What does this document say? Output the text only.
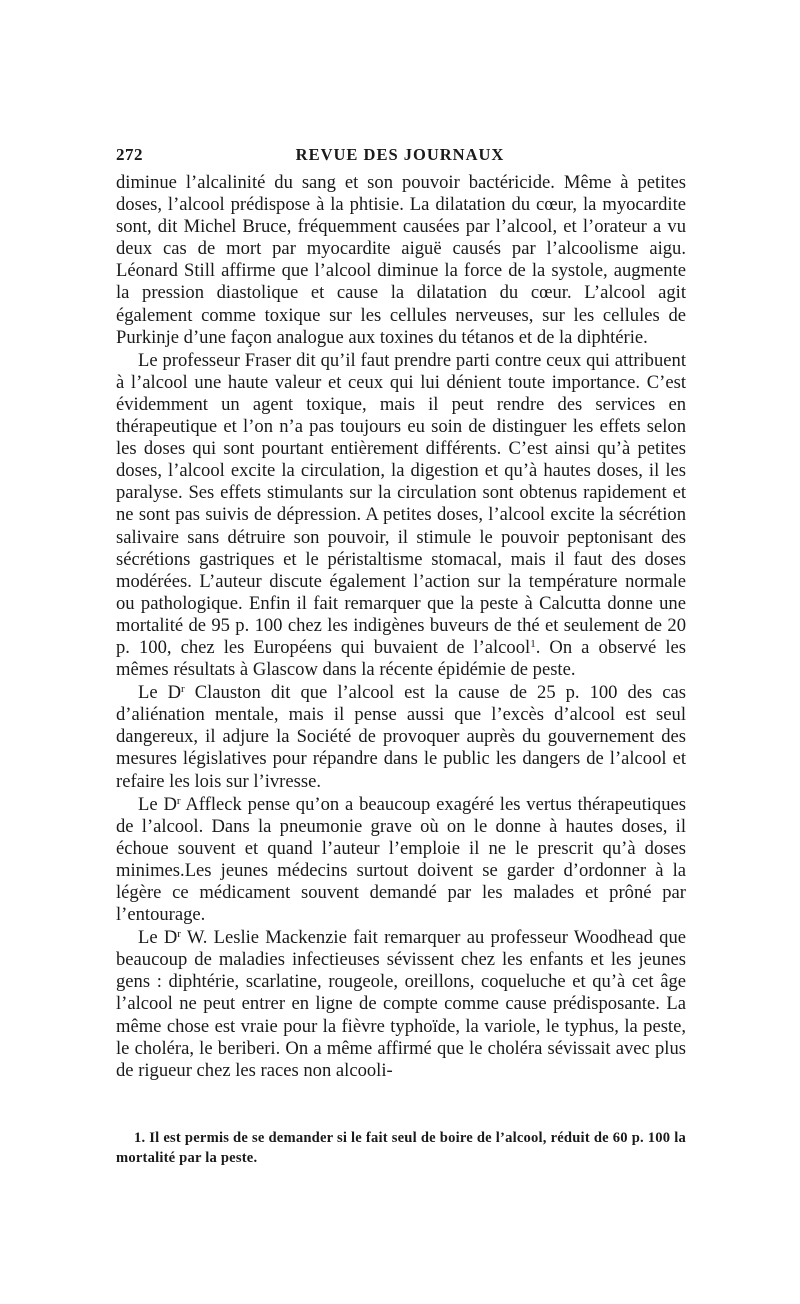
272	REVUE DES JOURNAUX

diminue l’alcalinité du sang et son pouvoir bactéricide. Même à petites doses, l’alcool prédispose à la phtisie. La dilatation du cœur, la myocardite sont, dit Michel Bruce, fréquemment causées par l’alcool, et l’orateur a vu deux cas de mort par myocardite aiguë causés par l’alcoolisme aigu. Léonard Still affirme que l’alcool diminue la force de la systole, augmente la pression diastolique et cause la dilatation du cœur. L’alcool agit également comme toxique sur les cellules nerveuses, sur les cellules de Purkinje d’une façon analogue aux toxines du tétanos et de la diphtérie.

Le professeur Fraser dit qu’il faut prendre parti contre ceux qui attribuent à l’alcool une haute valeur et ceux qui lui dénient toute importance. C’est évidemment un agent toxique, mais il peut rendre des services en thérapeutique et l’on n’a pas toujours eu soin de distinguer les effets selon les doses qui sont pourtant entièrement différents. C’est ainsi qu’à petites doses, l’alcool excite la circulation, la digestion et qu’à hautes doses, il les paralyse. Ses effets stimulants sur la circulation sont obtenus rapidement et ne sont pas suivis de dépression. A petites doses, l’alcool excite la sécrétion salivaire sans détruire son pouvoir, il stimule le pouvoir peptonisant des sécrétions gastriques et le péristaltisme stomacal, mais il faut des doses modérées. L’auteur discute également l’action sur la température normale ou pathologique. Enfin il fait remarquer que la peste à Calcutta donne une mortalité de 95 p. 100 chez les indigènes buveurs de thé et seulement de 20 p. 100, chez les Européens qui buvaient de l’alcool$^1$. On a observé les mêmes résultats à Glascow dans la récente épidémie de peste.

Le $D^r$ Clauston dit que l’alcool est la cause de 25 p. 100 des cas d’aliénation mentale, mais il pense aussi que l’excès d’alcool est seul dangereux, il adjure la Société de provoquer auprès du gouvernement des mesures législatives pour répandre dans le public les dangers de l’alcool et refaire les lois sur l’ivresse.

Le $D^r$ Affleck pense qu’on a beaucoup exagéré les vertus thérapeutiques de l’alcool. Dans la pneumonie grave où on le donne à hautes doses, il échoue souvent et quand l’auteur l’emploie il ne le prescrit qu’à doses minimes.Les jeunes médecins surtout doivent se garder d’ordonner à la légère ce médicament souvent demandé par les malades et prôné par l’entourage.

Le $D^r$ W. Leslie Mackenzie fait remarquer au professeur Woodhead que beaucoup de maladies infectieuses sévissent chez les enfants et les jeunes gens : diphtérie, scarlatine, rougeole, oreillons, coqueluche et qu’à cet âge l’alcool ne peut entrer en ligne de compte comme cause prédisposante. La même chose est vraie pour la fièvre typhoïde, la variole, le typhus, la peste, le choléra, le beriberi. On a même affirmé que le choléra sévissait avec plus de rigueur chez les races non alcooli-

1. Il est permis de se demander si le fait seul de boire de l’alcool, réduit de 60 p. 100 la mortalité par la peste.
